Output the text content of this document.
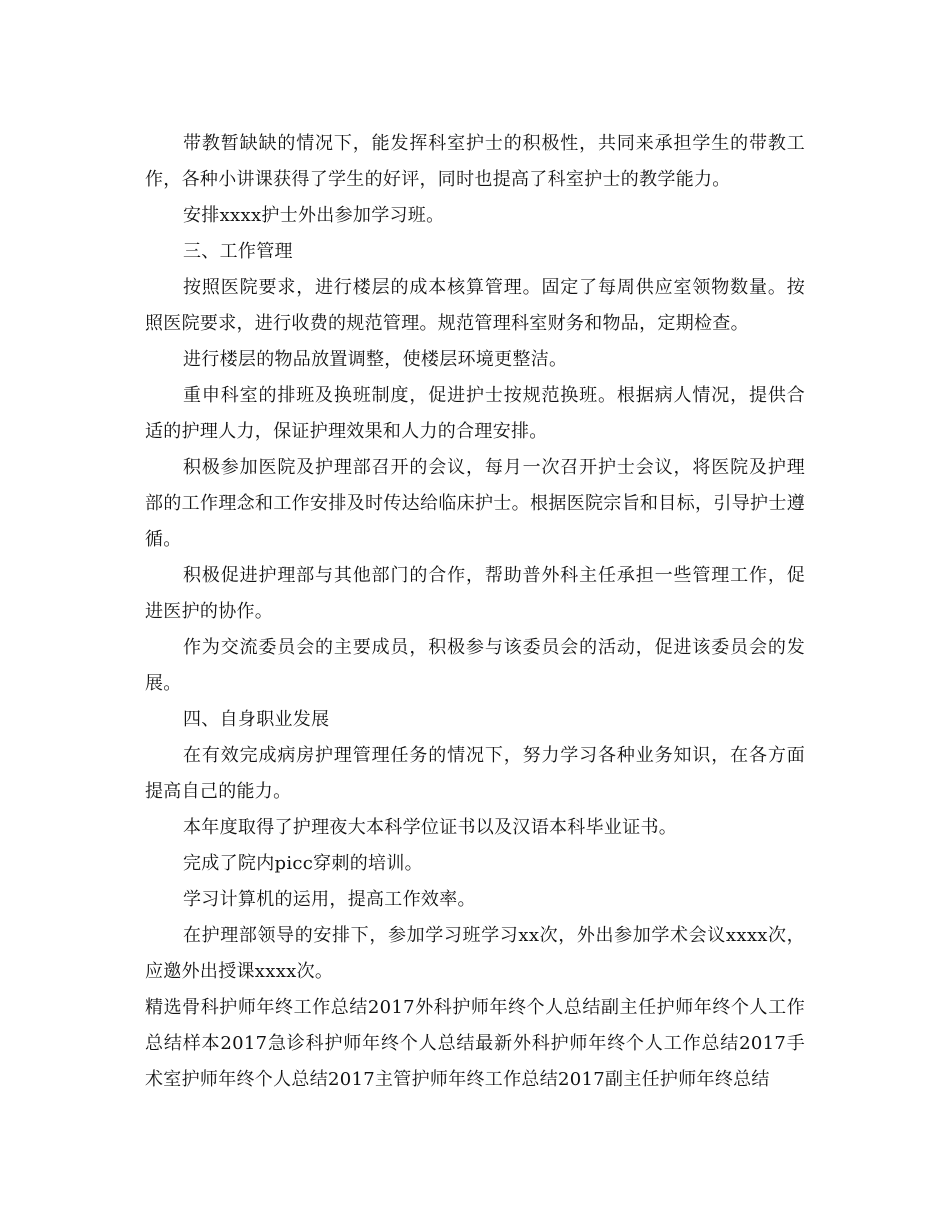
带教暂缺缺的情况下，能发挥科室护士的积极性，共同来承担学生的带教工作，各种小讲课获得了学生的好评，同时也提高了科室护士的教学能力。

安排xxxx护士外出参加学习班。

三、工作管理

按照医院要求，进行楼层的成本核算管理。固定了每周供应室领物数量。按照医院要求，进行收费的规范管理。规范管理科室财务和物品，定期检查。

进行楼层的物品放置调整，使楼层环境更整洁。

重申科室的排班及换班制度，促进护士按规范换班。根据病人情况，提供合适的护理人力，保证护理效果和人力的合理安排。

积极参加医院及护理部召开的会议，每月一次召开护士会议，将医院及护理部的工作理念和工作安排及时传达给临床护士。根据医院宗旨和目标，引导护士遵循。

积极促进护理部与其他部门的合作，帮助普外科主任承担一些管理工作，促进医护的协作。

作为交流委员会的主要成员，积极参与该委员会的活动，促进该委员会的发展。

四、自身职业发展

在有效完成病房护理管理任务的情况下，努力学习各种业务知识，在各方面提高自己的能力。

本年度取得了护理夜大本科学位证书以及汉语本科毕业证书。

完成了院内picc穿刺的培训。

学习计算机的运用，提高工作效率。

在护理部领导的安排下，参加学习班学习xx次，外出参加学术会议xxxx次，应邀外出授课xxxx次。

精选骨科护师年终工作总结2017外科护师年终个人总结副主任护师年终个人工作总结样本2017急诊科护师年终个人总结最新外科护师年终个人工作总结2017手术室护师年终个人总结2017主管护师年终工作总结2017副主任护师年终总结
